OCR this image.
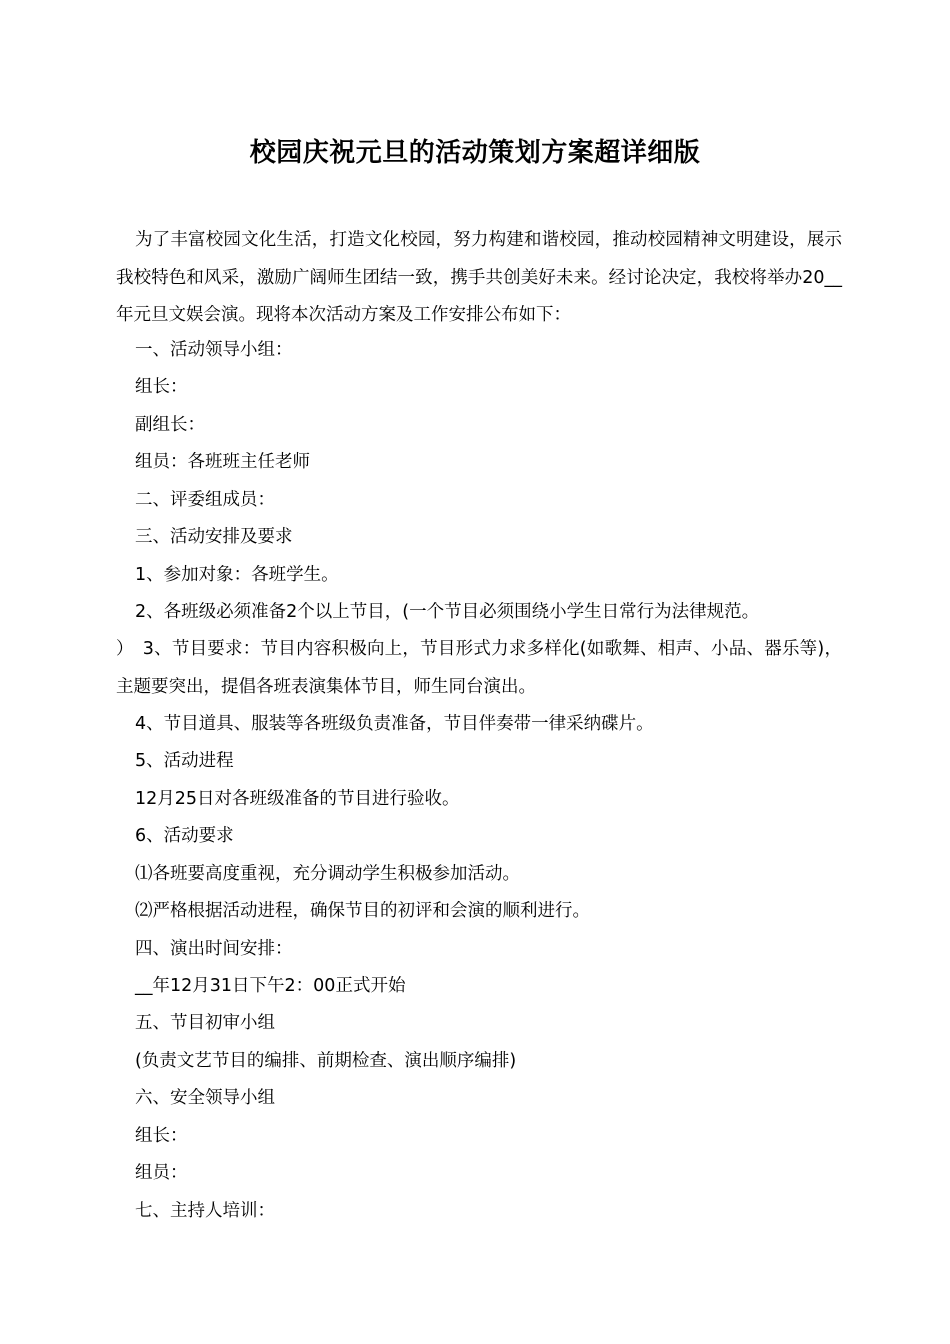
校园庆祝元旦的活动策划方案超详细版
为了丰富校园文化生活，打造文化校园，努力构建和谐校园，推动校园精神文明建设，展示我校特色和风采，激励广阔师生团结一致，携手共创美好未来。经讨论决定，我校将举办20__年元旦文娱会演。现将本次活动方案及工作安排公布如下：
一、活动领导小组：
组长：
副组长：
组员：各班班主任老师
二、评委组成员：
三、活动安排及要求
1、参加对象：各班学生。
2、各班级必须准备2个以上节目，(一个节目必须围绕小学生日常行为法律规范。
）　3、节目要求：节目内容积极向上，节目形式力求多样化(如歌舞、相声、小品、器乐等)，主题要突出，提倡各班表演集体节目，师生同台演出。
4、节目道具、服装等各班级负责准备，节目伴奏带一律采纳碟片。
5、活动进程
12月25日对各班级准备的节目进行验收。
6、活动要求
⑴各班要高度重视，充分调动学生积极参加活动。
⑵严格根据活动进程，确保节目的初评和会演的顺利进行。
四、演出时间安排：
__年12月31日下午2：00正式开始
五、节目初审小组
(负责文艺节目的编排、前期检查、演出顺序编排)
六、安全领导小组
组长：
组员：
七、主持人培训：
